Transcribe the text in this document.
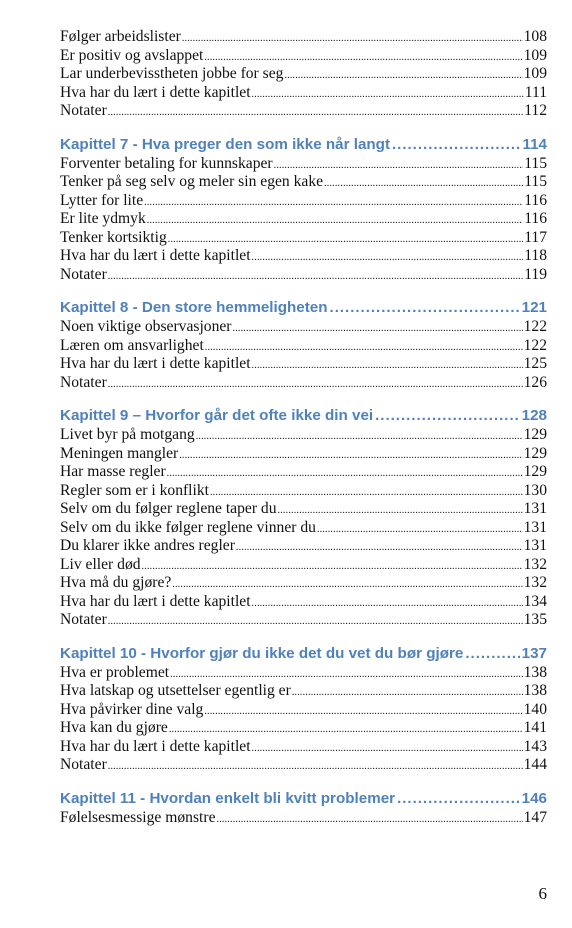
Følger arbeidslister .....	108
Er positiv og avslappet .....	109
Lar underbevisstheten jobbe for seg .....	109
Hva har du lært i dette kapitlet .....	111
Notater .....	112
Kapittel 7 - Hva preger den som ikke når langt .....	114
Forventer betaling for kunnskaper .....	115
Tenker på seg selv og meler sin egen kake .....	115
Lytter for lite .....	116
Er lite ydmyk .....	116
Tenker kortsiktig .....	117
Hva har du lært i dette kapitlet .....	118
Notater .....	119
Kapittel 8 - Den store hemmeligheten .....	121
Noen viktige observasjoner .....	122
Læren om ansvarlighet .....	122
Hva har du lært i dette kapitlet .....	125
Notater .....	126
Kapittel 9 – Hvorfor går det ofte ikke din vei .....	128
Livet byr på motgang .....	129
Meningen mangler .....	129
Har masse regler .....	129
Regler som er i konflikt .....	130
Selv om du følger reglene taper du .....	131
Selv om du ikke følger reglene vinner du .....	131
Du klarer ikke andres regler .....	131
Liv eller død .....	132
Hva må du gjøre? .....	132
Hva har du lært i dette kapitlet .....	134
Notater .....	135
Kapittel 10 - Hvorfor gjør du ikke det du vet du bør gjøre .....	137
Hva er problemet .....	138
Hva latskap og utsettelser egentlig er .....	138
Hva påvirker dine valg .....	140
Hva kan du gjøre .....	141
Hva har du lært i dette kapitlet .....	143
Notater .....	144
Kapittel 11 - Hvordan enkelt bli kvitt problemer .....	146
Følelsesmessige mønstre .....	147
6
